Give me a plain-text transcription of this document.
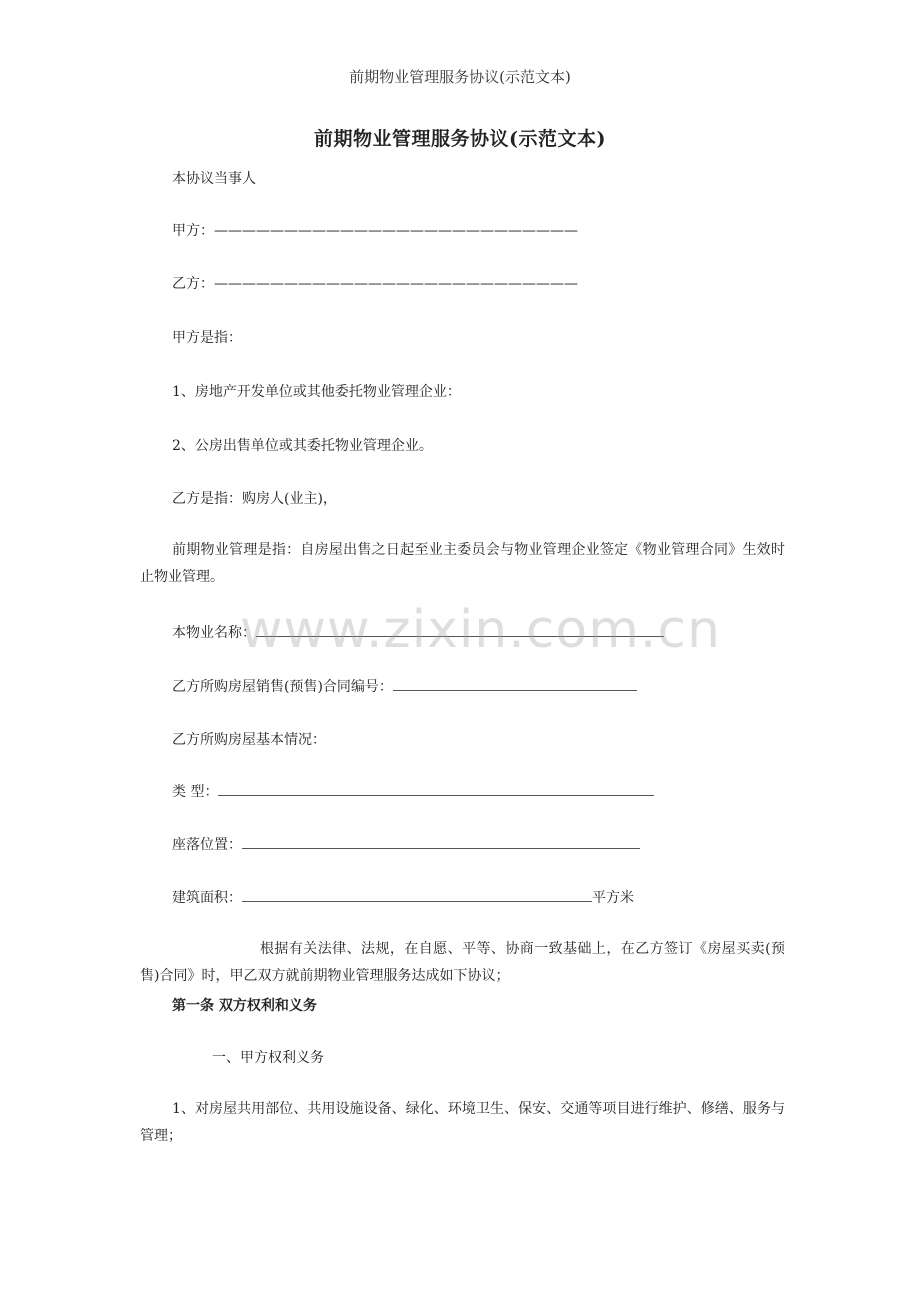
前期物业管理服务协议(示范文本)
前期物业管理服务协议(示范文本)
本协议当事人
甲方：——————————————————————————
乙方：——————————————————————————
甲方是指：
1、房地产开发单位或其他委托物业管理企业：
2、公房出售单位或其委托物业管理企业。
乙方是指：购房人(业主)，
前期物业管理是指：自房屋出售之日起至业主委员会与物业管理企业签定《物业管理合同》生效时止物业管理。
本物业名称：
乙方所购房屋销售(预售)合同编号：
乙方所购房屋基本情况：
类 型：
座落位置：
建筑面积：	平方米
根据有关法律、法规，在自愿、平等、协商一致基础上，在乙方签订《房屋买卖(预售)合同》时，甲乙双方就前期物业管理服务达成如下协议；
第一条 双方权利和义务
一、甲方权利义务
1、对房屋共用部位、共用设施设备、绿化、环境卫生、保安、交通等项目进行维护、修缮、服务与管理；
www.zixin.com.cn
